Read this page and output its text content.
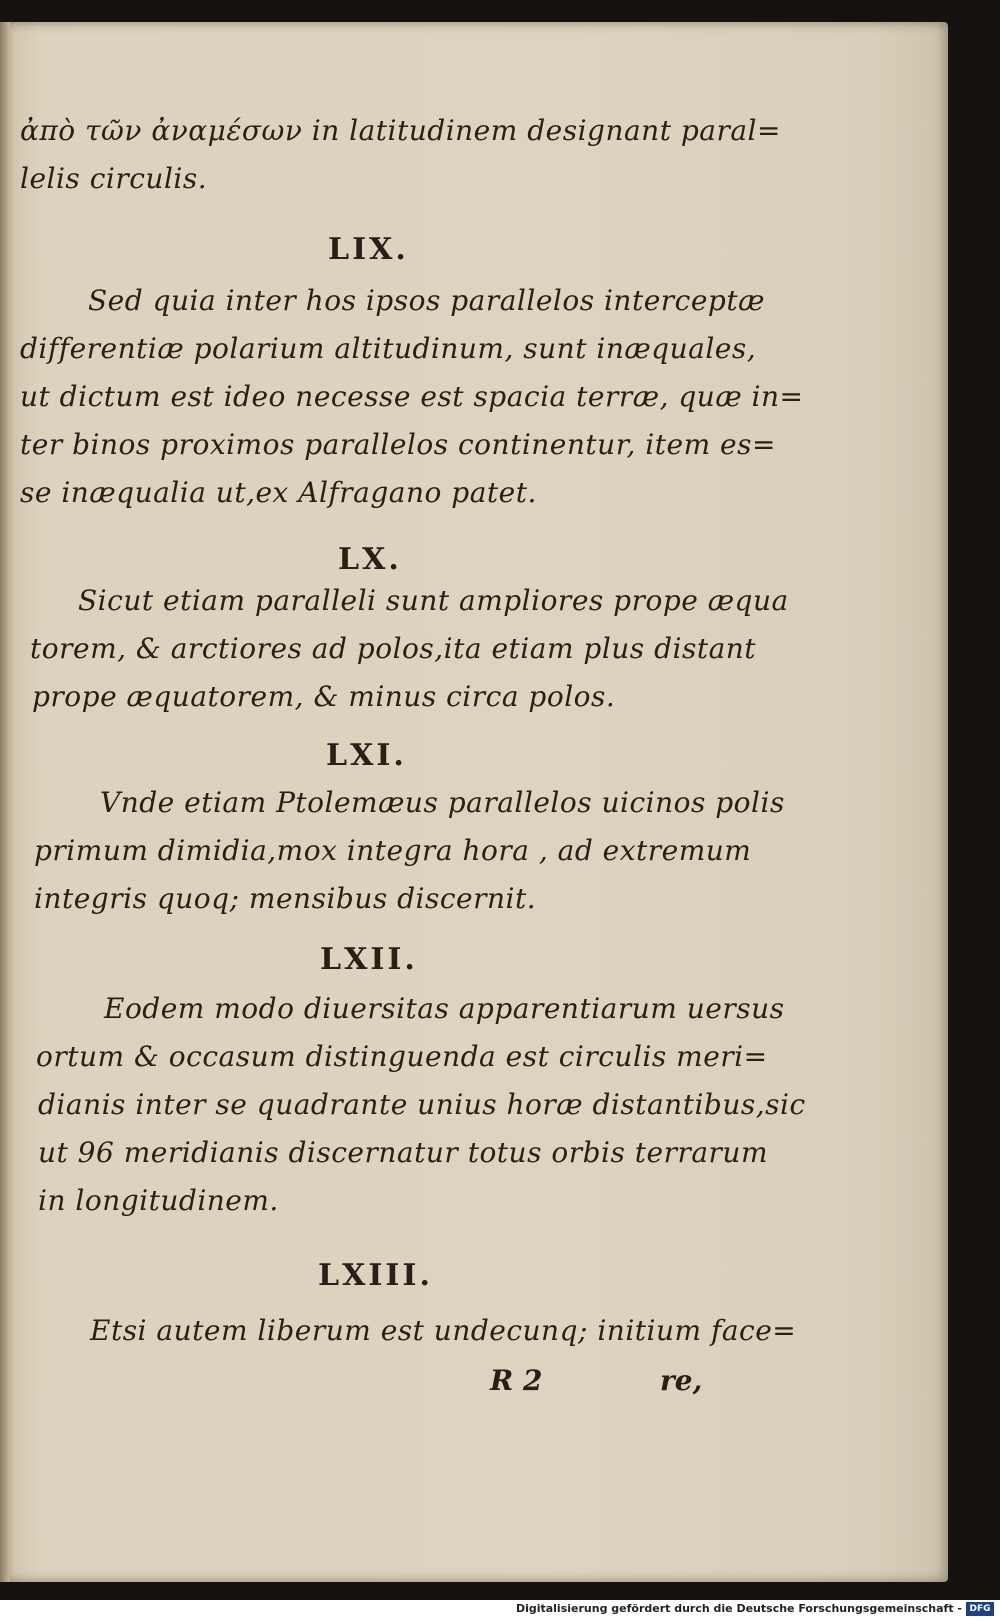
ἀπὸ τῶν ἀναμέσων in latitudinem designant paral=
lelis circulis.
LIX.
Sed quia inter hos ipsos parallelos interceptæ
differentiæ polarium altitudinum, sunt inæquales,
ut dictum est ideo necesse est spacia terræ, quæ in=
ter binos proximos parallelos continentur, item es=
se inæqualia ut,ex Alfragano patet.
LX.
Sicut etiam paralleli sunt ampliores prope æqua
torem, & arctiores ad polos,ita etiam plus distant
prope æquatorem, & minus circa polos.
LXI.
Vnde etiam Ptolemæus parallelos uicinos polis
primum dimidia,mox integra hora , ad extremum
integris quoq; mensibus discernit.
LXII.
Eodem modo diuersitas apparentiarum uersus
ortum & occasum distinguenda est circulis meri=
dianis inter se quadrante unius horæ distantibus,sic
ut 96 meridianis discernatur totus orbis terrarum
in longitudinem.
LXIII.
Etsi autem liberum est undecunq; initium face=
R 2	re,
Digitalisierung gefördert durch die Deutsche Forschungsgemeinschaft - DFG
